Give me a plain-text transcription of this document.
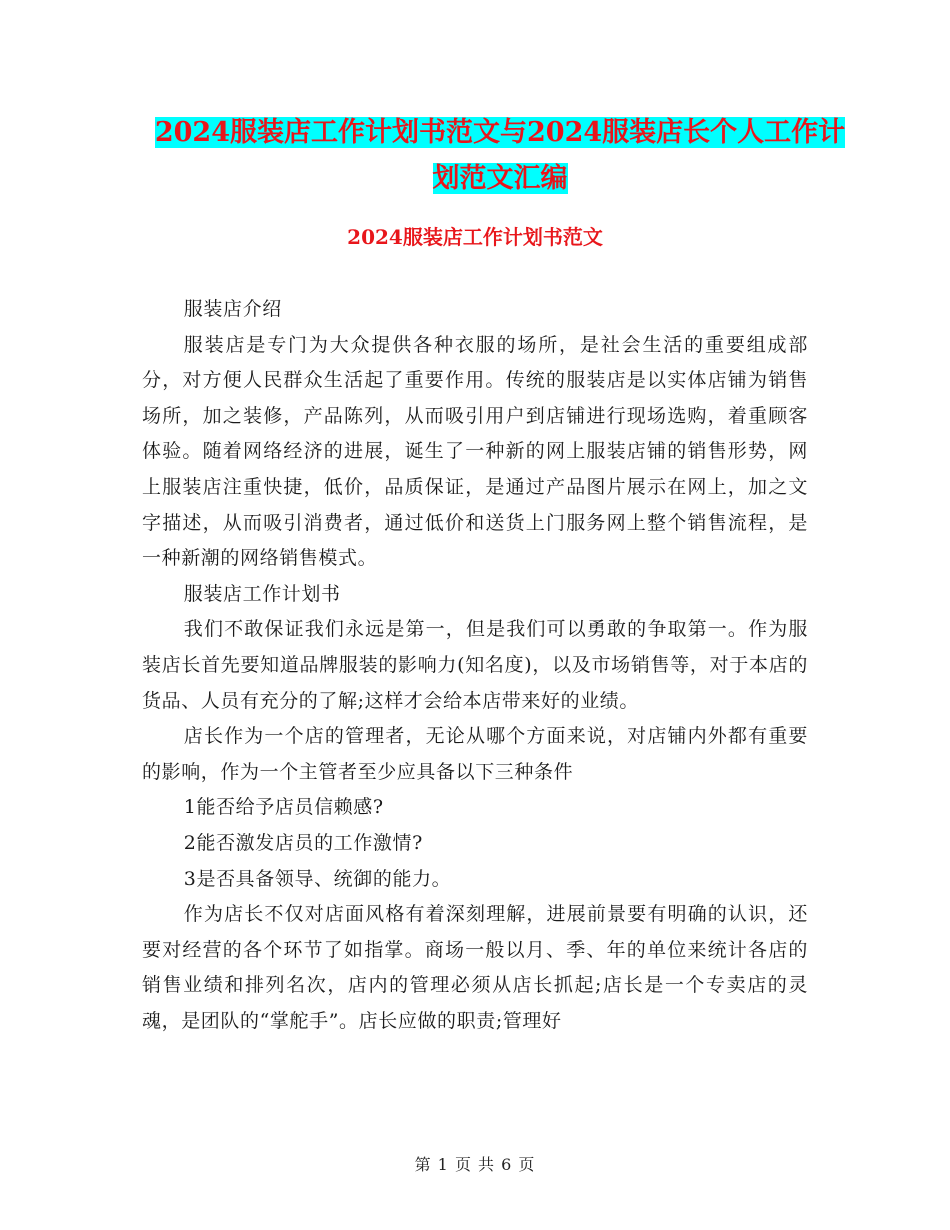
2024服装店工作计划书范文与2024服装店长个人工作计划范文汇编
2024服装店工作计划书范文

服装店介绍

服装店是专门为大众提供各种衣服的场所，是社会生活的重要组成部分，对方便人民群众生活起了重要作用。传统的服装店是以实体店铺为销售场所，加之装修，产品陈列，从而吸引用户到店铺进行现场选购，着重顾客体验。随着网络经济的进展，诞生了一种新的网上服装店铺的销售形势，网上服装店注重快捷，低价，品质保证，是通过产品图片展示在网上，加之文字描述，从而吸引消费者，通过低价和送货上门服务网上整个销售流程，是一种新潮的网络销售模式。

服装店工作计划书

我们不敢保证我们永远是第一，但是我们可以勇敢的争取第一。作为服装店长首先要知道品牌服装的影响力(知名度)，以及市场销售等，对于本店的货品、人员有充分的了解;这样才会给本店带来好的业绩。

店长作为一个店的管理者，无论从哪个方面来说，对店铺内外都有重要的影响，作为一个主管者至少应具备以下三种条件

1能否给予店员信赖感?

2能否激发店员的工作激情?

3是否具备领导、统御的能力。

作为店长不仅对店面风格有着深刻理解，进展前景要有明确的认识，还要对经营的各个环节了如指掌。商场一般以月、季、年的单位来统计各店的销售业绩和排列名次，店内的管理必须从店长抓起;店长是一个专卖店的灵魂，是团队的“掌舵手”。店长应做的职责;管理好

第 1 页 共 6 页
